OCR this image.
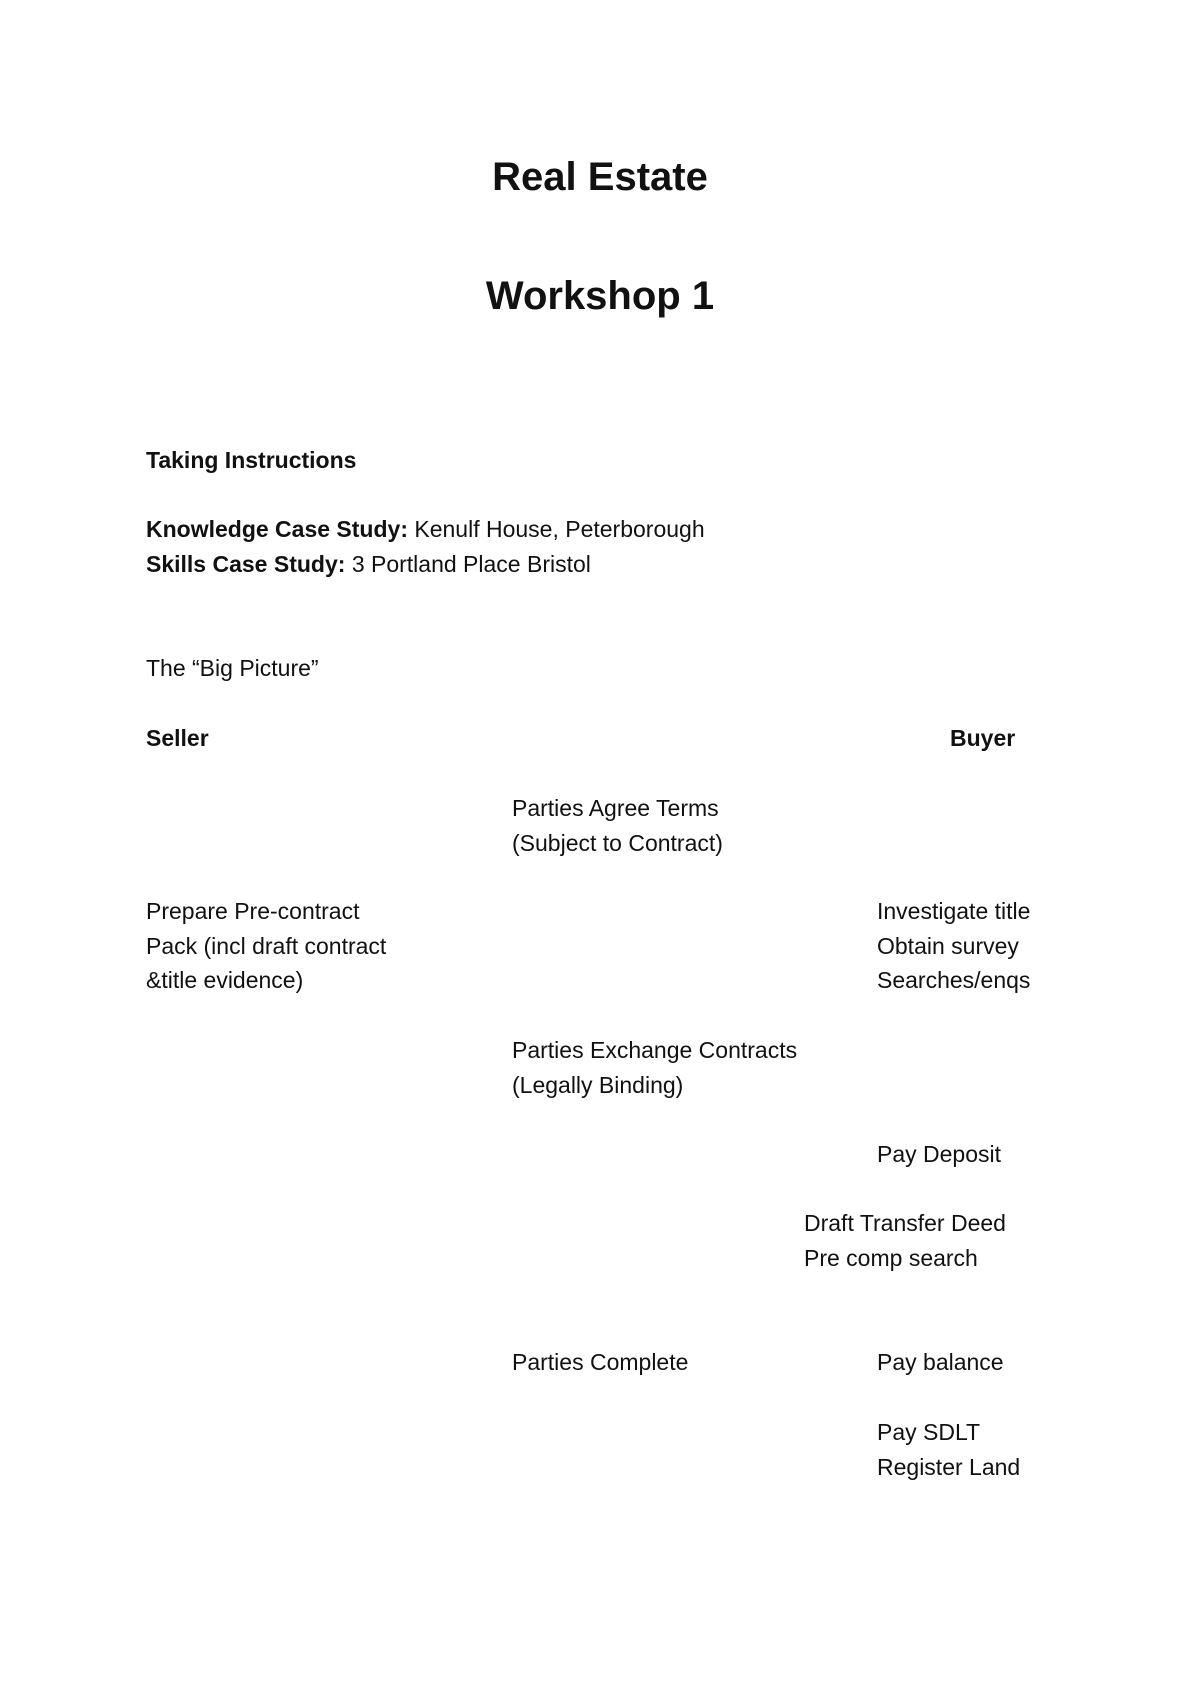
Real Estate
Workshop 1
Taking Instructions
Knowledge Case Study: Kenulf House, Peterborough
Skills Case Study: 3 Portland Place Bristol
The “Big Picture”
Seller	Buyer
Parties Agree Terms
(Subject to Contract)
Prepare Pre-contract
Pack (incl draft contract
&title evidence)
Investigate title
Obtain survey
Searches/enqs
Parties Exchange Contracts
(Legally Binding)
Pay Deposit
Draft Transfer Deed
Pre comp search
Parties Complete	Pay balance
Pay SDLT
Register Land
